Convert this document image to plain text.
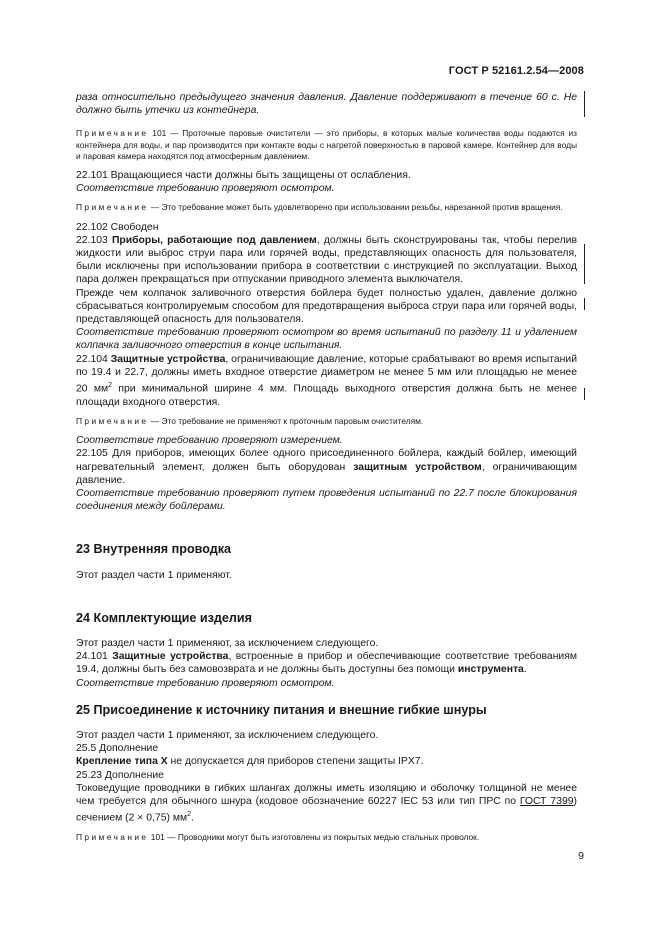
ГОСТ Р 52161.2.54—2008

раза относительно предыдущего значения давления. Давление поддерживают в течение 60 с. Не должно быть утечки из контейнера.

Примечание 101 — Проточные паровые очистители — это приборы, в которых малые количества воды подаются из контейнера для воды, и пар производится при контакте воды с нагретой поверхностью в паровой камере. Контейнер для воды и паровая камера находятся под атмосферным давлением.

22.101 Вращающиеся части должны быть защищены от ослабления.

Соответствие требованию проверяют осмотром.

Примечание — Это требование может быть удовлетворено при использовании резьбы, нарезанной против вращения.

22.102 Свободен

22.103 Приборы, работающие под давлением, должны быть сконструированы так, чтобы перелив жидкости или выброс струи пара или горячей воды, представляющих опасность для пользователя, были исключены при использовании прибора в соответствии с инструкцией по эксплуатации. Выход пара должен прекращаться при отпускании приводного элемента выключателя.

Прежде чем колпачок заливочного отверстия бойлера будет полностью удален, давление должно сбрасываться контролируемым способом для предотвращения выброса струи пара или горячей воды, представляющей опасность для пользователя.

Соответствие требованию проверяют осмотром во время испытаний по разделу 11 и удалением колпачка заливочного отверстия в конце испытания.

22.104 Защитные устройства, ограничивающие давление, которые срабатывают во время испытаний по 19.4 и 22.7, должны иметь входное отверстие диаметром не менее 5 мм или площадью не менее 20 $мм^2$ при минимальной ширине 4 мм. Площадь выходного отверстия должна быть не менее площади входного отверстия.

Примечание — Это требование не применяют к проточным паровым очистителям.

Соответствие требованию проверяют измерением.

22.105 Для приборов, имеющих более одного присоединенного бойлера, каждый бойлер, имеющий нагревательный элемент, должен быть оборудован защитным устройством, ограничивающим давление.

Соответствие требованию проверяют путем проведения испытаний по 22.7 после блокирования соединения между бойлерами.

23 Внутренняя проводка

Этот раздел части 1 применяют.

24 Комплектующие изделия

Этот раздел части 1 применяют, за исключением следующего.

24.101 Защитные устройства, встроенные в прибор и обеспечивающие соответствие требованиям 19.4, должны быть без самовозврата и не должны быть доступны без помощи инструмента.

Соответствие требованию проверяют осмотром.

25 Присоединение к источнику питания и внешние гибкие шнуры

Этот раздел части 1 применяют, за исключением следующего.

25.5 Дополнение

Крепление типа X не допускается для приборов степени защиты IPX7.

25.23 Дополнение

Токоведущие проводники в гибких шлангах должны иметь изоляцию и оболочку толщиной не менее чем требуется для обычного шнура (кодовое обозначение 60227 IEC 53 или тип ПРС по ГОСТ 7399) сечением (2 × 0,75) $мм^2$.

Примечание 101 — Проводники могут быть изготовлены из покрытых медью стальных проволок.

9
